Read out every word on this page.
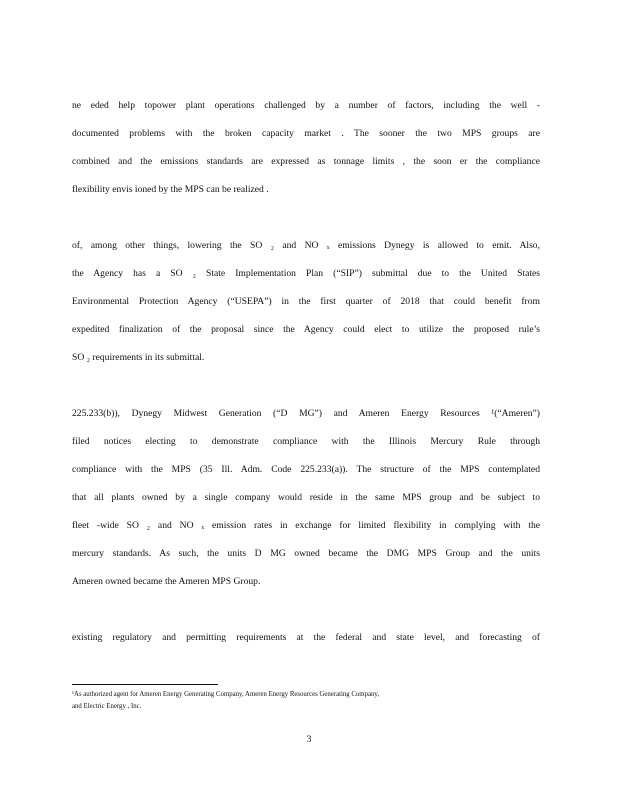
ne eded help topower plant operations challenged by a number of factors, including the well -
documented problems with the broken capacity market . The sooner the two MPS groups are
combined and the emissions standards are expressed as tonnage limits , the soon er the compliance
flexibility envis ioned by the MPS can be realized .
of, among other things, lowering the SO ₂ and NO ₓ emissions Dynegy is allowed to emit. Also,
the Agency has a SO ₂ State Implementation Plan (“SIP”) submittal due to the United States
Environmental Protection Agency (“USEPA”) in the first quarter of 2018 that could benefit from
expedited finalization of the proposal since the Agency could elect to utilize the proposed rule’s
SO ₂ requirements in its submittal.
225.233(b)), Dynegy Midwest Generation (“D MG”) and Ameren Energy Resources ¹(“Ameren”)
filed notices electing to demonstrate compliance with the Illinois Mercury Rule through
compliance with the MPS (35 Ill. Adm. Code 225.233(a)). The structure of the MPS contemplated
that all plants owned by a single company would reside in the same MPS group and be subject to
fleet -wide SO ₂ and NO ₓ emission rates in exchange for limited flexibility in complying with the
mercury standards. As such, the units D MG owned became the DMG MPS Group and the units
Ameren owned became the Ameren MPS Group.
existing regulatory and permitting requirements at the federal and state level, and forecasting of
¹As authorized agent for Ameren Energy Generating Company, Ameren Energy Resources Generating Company,
and Electric Energy , Inc.
3
